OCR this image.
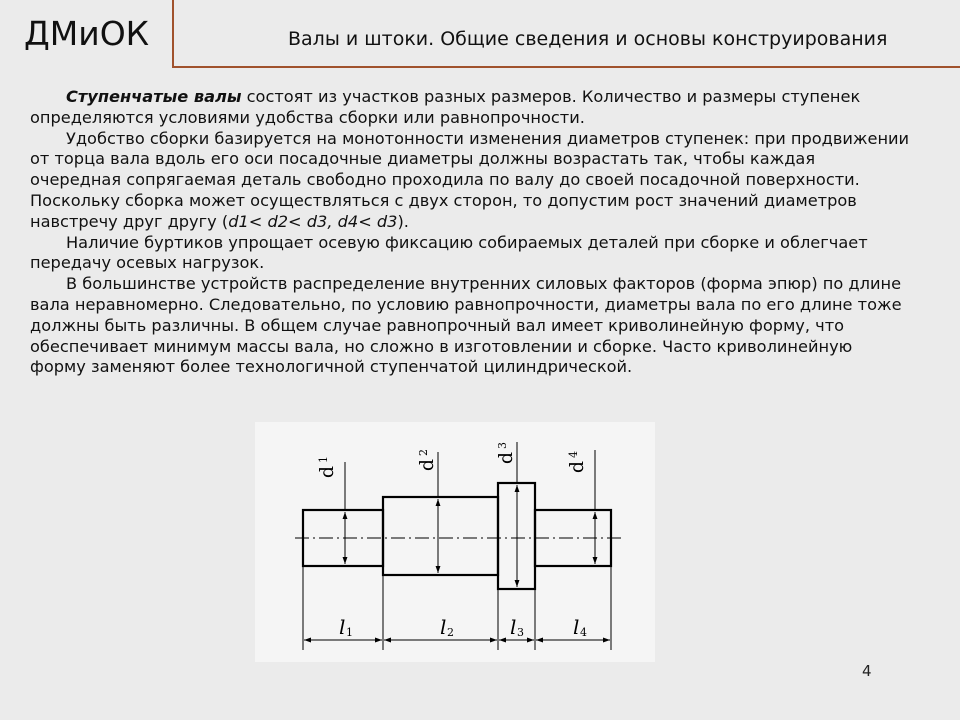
ДМиОК	Валы и штоки. Общие сведения и основы конструирования

Ступенчатые валы состоят из участков разных размеров. Количество и размеры ступенек определяются условиями удобства сборки или равнопрочности.

Удобство сборки базируется на монотонности изменения диаметров ступенек: при продвижении от торца вала вдоль его оси посадочные диаметры должны возрастать так, чтобы каждая очередная сопрягаемая деталь свободно проходила по валу до своей посадочной поверхности. Поскольку сборка может осуществляться с двух сторон, то допустим рост значений диаметров навстречу друг другу (d1< d2< d3, d4< d3).

Наличие буртиков упрощает осевую фиксацию собираемых деталей при сборке и облегчает передачу осевых нагрузок.

В большинстве устройств распределение внутренних силовых факторов (форма эпюр) по длине вала неравномерно. Следовательно, по условию равнопрочности, диаметры вала по его длине тоже должны быть различны. В общем случае равнопрочный вал имеет криволинейную форму, что обеспечивает минимум массы вала, но сложно в изготовлении и сборке. Часто криволинейную форму заменяют более технологичной ступенчатой цилиндрической.

d
1	d
2	d
3
d
4
l 1	l 2	l 3 l 4
4
